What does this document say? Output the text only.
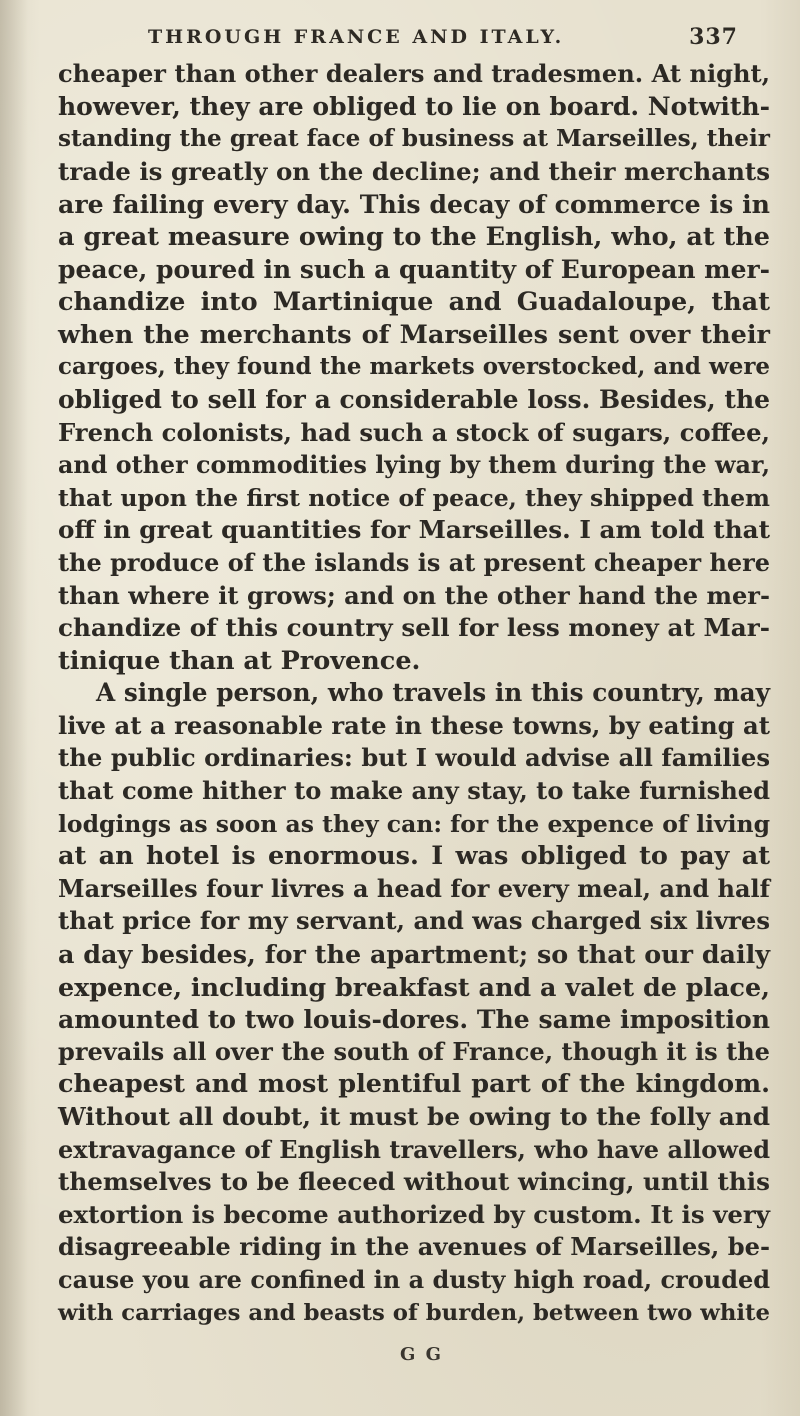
THROUGH FRANCE AND ITALY.	337
cheaper than other dealers and tradesmen. At night,
however, they are obliged to lie on board. Notwith-
standing the great face of business at Marseilles, their
trade is greatly on the decline; and their merchants
are failing every day. This decay of commerce is in
a great measure owing to the English, who, at the
peace, poured in such a quantity of European mer-
chandize into Martinique and Guadaloupe, that
when the merchants of Marseilles sent over their
cargoes, they found the markets overstocked, and were
obliged to sell for a considerable loss. Besides, the
French colonists, had such a stock of sugars, coffee,
and other commodities lying by them during the war,
that upon the first notice of peace, they shipped them
off in great quantities for Marseilles. I am told that
the produce of the islands is at present cheaper here
than where it grows; and on the other hand the mer-
chandize of this country sell for less money at Mar-
tinique than at Provence.
A single person, who travels in this country, may
live at a reasonable rate in these towns, by eating at
the public ordinaries: but I would advise all families
that come hither to make any stay, to take furnished
lodgings as soon as they can: for the expence of living
at an hotel is enormous. I was obliged to pay at
Marseilles four livres a head for every meal, and half
that price for my servant, and was charged six livres
a day besides, for the apartment; so that our daily
expence, including breakfast and a valet de place,
amounted to two louis-dores. The same imposition
prevails all over the south of France, though it is the
cheapest and most plentiful part of the kingdom.
Without all doubt, it must be owing to the folly and
extravagance of English travellers, who have allowed
themselves to be fleeced without wincing, until this
extortion is become authorized by custom. It is very
disagreeable riding in the avenues of Marseilles, be-
cause you are confined in a dusty high road, crouded
with carriages and beasts of burden, between two white
G G
